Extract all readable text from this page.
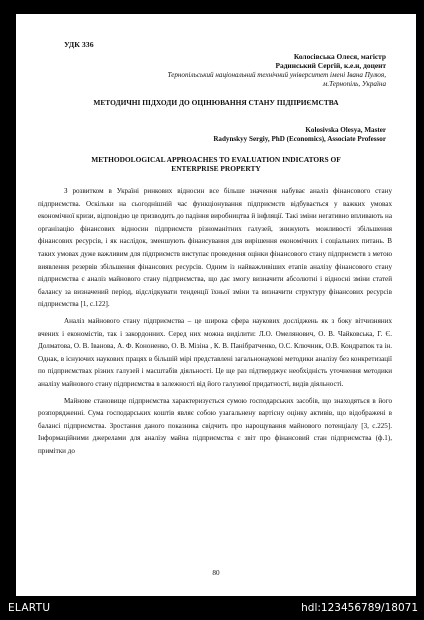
УДК 336
Колосівська Олеся, магістр
Радинський Сергій, к.е.н, доцент
Тернопільський національний технічний університет імені Івана Пулюя,
м.Тернопіль, Україна
МЕТОДИЧНІ ПІДХОДИ ДО ОЦІНЮВАННЯ СТАНУ ПІДПРИЄМСТВА
Kolosivska Olesya, Master
Radynskyy Sergiy, PhD (Economics), Associate Professor
METHODOLOGICAL APPROACHES TO EVALUATION INDICATORS OF
ENTERPRISE PROPERTY

З розвитком в Україні ринкових відносин все більше значення набуває аналіз фінансового стану підприємства. Оскільки на сьогоднішній час функціонування підприємств відбувається у важких умовах економічної кризи, відповідно це призводить до падіння виробництва й інфляції. Такі зміни негативно впливають на організацію фінансових відносин підприємств різноманітних галузей, знижують можливості збільшення фінансових ресурсів, і як наслідок, зменшують фінансування для вирішення економічних і соціальних питань. В таких умовах дуже важливим для підприємств виступає проведення оцінки фінансового стану підприємств з метою виявлення резервів збільшення фінансових ресурсів. Одним із найважливіших етапів аналізу фінансового стану підприємства є аналіз майнового стану підприємства, що дає змогу визначити абсолютні і відносні зміни статей балансу за визначений період, відслідкувати тенденції їхньої зміни та визначити структуру фінансових ресурсів підприємства [1, с.122].

Аналіз майнового стану підприємства – це широка сфера наукових досліджень як з боку вітчизняних вчених і економістів, так і закордонних. Серед них можна виділити: Л.О. Омелянович, О. В. Чайковська, Г. Є. Долматова, О. В. Іванова, А. Ф. Кононенко, О. В. Мізіна , К. В. Панібратченко, О.С. Ключник, О.В. Кондратюк та ін. Однак, в існуючих наукових працях в більшій мірі представлені загальнонаукові методики аналізу без конкретизації по підприємствах різних галузей і масштабів діяльності. Це ще раз підтверджує необхідність уточнення методики аналізу майнового стану підприємства в залежності від його галузевої придатності, видів діяльності.

Майнове становище підприємства характеризується сумою господарських засобів, що знаходяться в його розпорядженні. Сума господарських коштів являє собою узагальнену вартісну оцінку активів, що відображені в балансі підприємства. Зростання даного показника свідчить про нарощування майнового потенціалу [3, с.225]. Інформаційними джерелами для аналізу майна підприємства є звіт про фінансовий стан підприємства (ф.1), примітки до

80
ELARTU	hdl:123456789/18071
